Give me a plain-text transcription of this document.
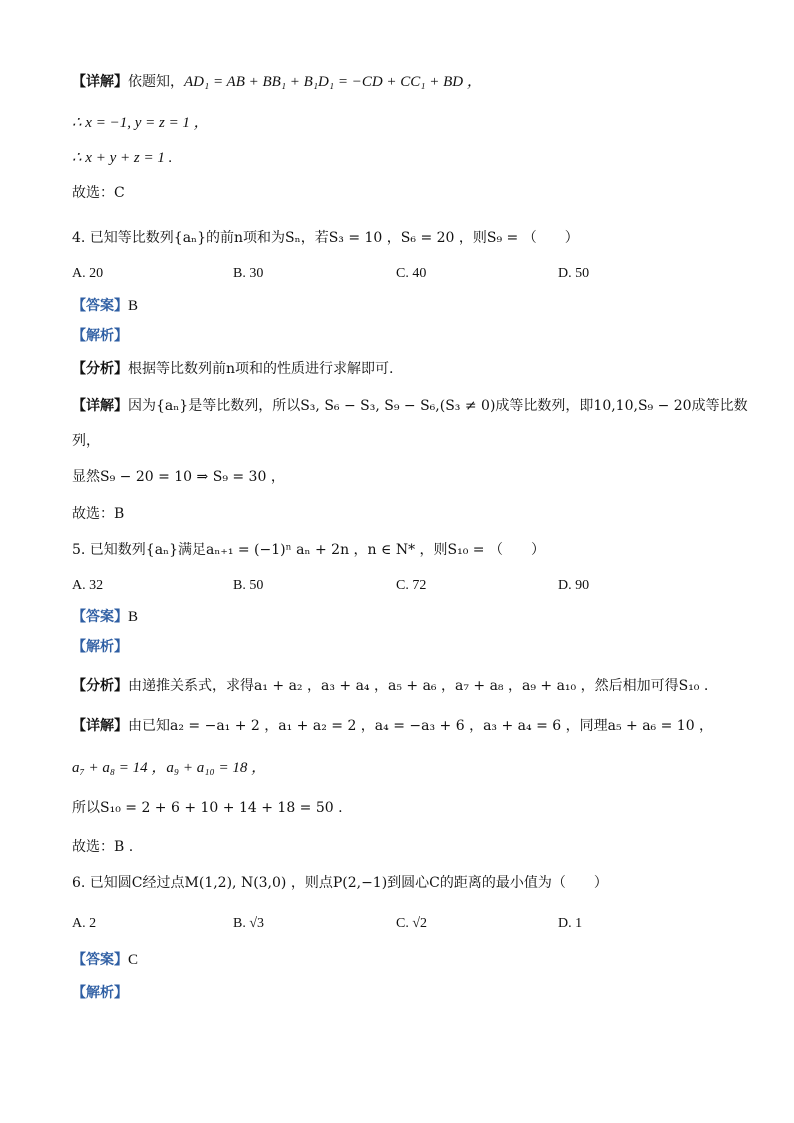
【详解】依题知，AD₁ = AB + BB₁ + B₁D₁ = −CD + CC₁ + BD ，
∴ x = −1, y = z = 1 ，
∴ x + y + z = 1 .
故选：C
4. 已知等比数列{aₙ}的前n项和为Sₙ，若S₃ = 10 ，S₆ = 20 ，则S₉ = （　　）
A. 20	B. 30	C. 40	D. 50
【答案】B
【解析】
【分析】根据等比数列前n项和的性质进行求解即可.
【详解】因为{aₙ}是等比数列，所以S₃, S₆ − S₃, S₉ − S₆,(S₃ ≠ 0)成等比数列，即10,10,S₉ − 20成等比数
列，
显然S₉ − 20 = 10 ⇒ S₉ = 30 ，
故选：B
5. 已知数列{aₙ}满足aₙ₊₁ = (−1)ⁿ aₙ + 2n ，n ∈ N* ，则S₁₀ = （　　）
A. 32	B. 50	C. 72	D. 90
【答案】B
【解析】
【分析】由递推关系式，求得a₁ + a₂ ，a₃ + a₄ ，a₅ + a₆ ，a₇ + a₈ ，a₉ + a₁₀ ，然后相加可得S₁₀ .
【详解】由已知a₂ = −a₁ + 2 ，a₁ + a₂ = 2 ，a₄ = −a₃ + 6 ，a₃ + a₄ = 6 ，同理a₅ + a₆ = 10 ，
a₇ + a₈ = 14 ，a₉ + a₁₀ = 18 ，
所以S₁₀ = 2 + 6 + 10 + 14 + 18 = 50 .
故选：B .
6. 已知圆C经过点M(1,2), N(3,0) ，则点P(2,−1)到圆心C的距离的最小值为（　　）
A. 2	B. √3	C. √2	D. 1
【答案】C
【解析】
